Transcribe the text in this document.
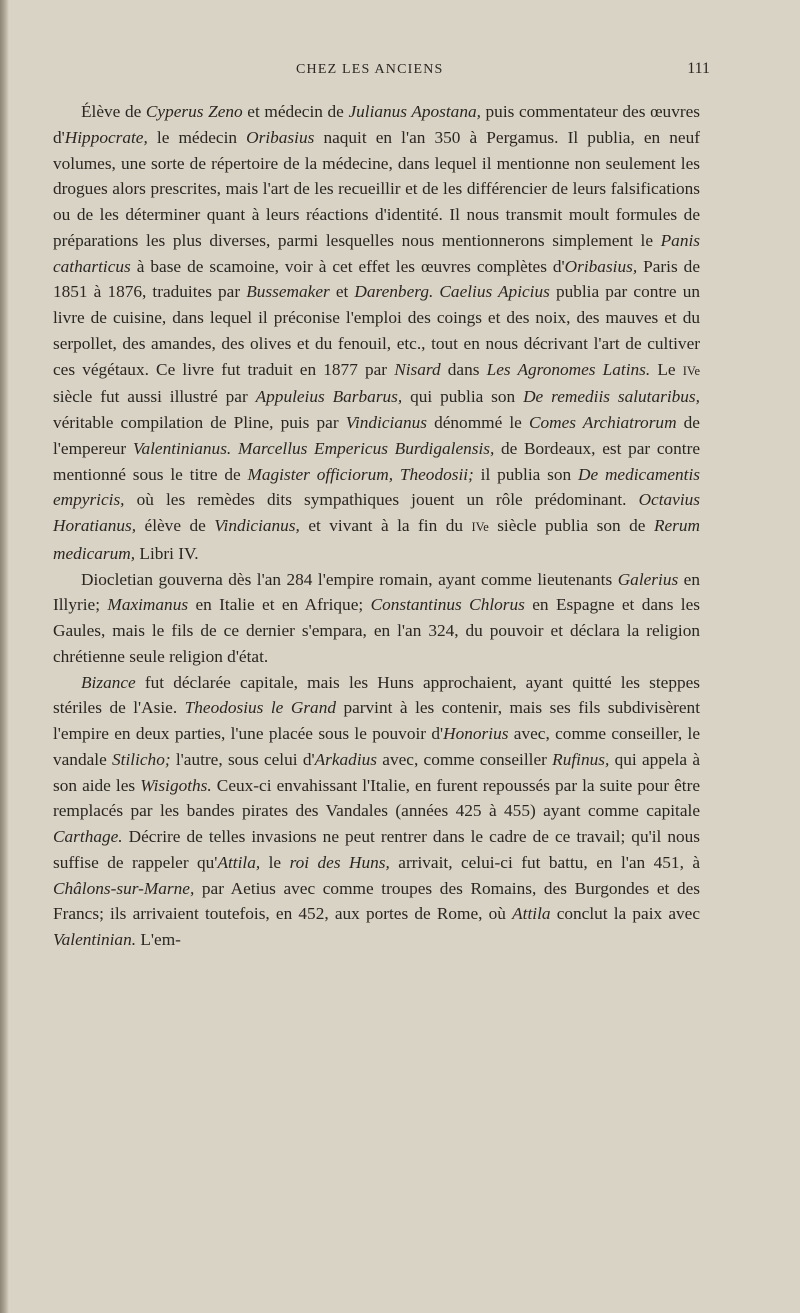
CHEZ LES ANCIENS	111

Élève de Cyperus Zeno et médecin de Julianus Apostana, puis commentateur des œuvres d'Hippocrate, le médecin Oribasius naquit en l'an 350 à Pergamus. Il publia, en neuf volumes, une sorte de répertoire de la médecine, dans lequel il mentionne non seulement les drogues alors prescrites, mais l'art de les recueillir et de les différencier de leurs falsifications ou de les déterminer quant à leurs réactions d'identité. Il nous transmit moult formules de préparations les plus diverses, parmi lesquelles nous mentionnerons simplement le Panis catharticus à base de scamoine, voir à cet effet les œuvres complètes d'Oribasius, Paris de 1851 à 1876, traduites par Bussemaker et Darenberg. Caelius Apicius publia par contre un livre de cuisine, dans lequel il préconise l'emploi des coings et des noix, des mauves et du serpollet, des amandes, des olives et du fenouil, etc., tout en nous décrivant l'art de cultiver ces végétaux. Ce livre fut traduit en 1877 par Nisard dans Les Agronomes Latins. Le IVe siècle fut aussi illustré par Appuleius Barbarus, qui publia son De remediis salutaribus, véritable compilation de Pline, puis par Vindicianus dénommé le Comes Archiatrorum de l'empereur Valentinianus. Marcellus Empericus Burdigalensis, de Bordeaux, est par contre mentionné sous le titre de Magister officiorum, Theodosii; il publia son De medicamentis empyricis, où les remèdes dits sympathiques jouent un rôle prédominant. Octavius Horatianus, élève de Vindicianus, et vivant à la fin du IVe siècle publia son de Rerum medicarum, Libri IV.

Diocletian gouverna dès l'an 284 l'empire romain, ayant comme lieutenants Galerius en Illyrie; Maximanus en Italie et en Afrique; Constantinus Chlorus en Espagne et dans les Gaules, mais le fils de ce dernier s'empara, en l'an 324, du pouvoir et déclara la religion chrétienne seule religion d'état.

Bizance fut déclarée capitale, mais les Huns approchaient, ayant quitté les steppes stériles de l'Asie. Theodosius le Grand parvint à les contenir, mais ses fils subdivisèrent l'empire en deux parties, l'une placée sous le pouvoir d'Honorius avec, comme conseiller, le vandale Stilicho; l'autre, sous celui d'Arkadius avec, comme conseiller Rufinus, qui appela à son aide les Wisigoths. Ceux-ci envahissant l'Italie, en furent repoussés par la suite pour être remplacés par les bandes pirates des Vandales (années 425 à 455) ayant comme capitale Carthage. Décrire de telles invasions ne peut rentrer dans le cadre de ce travail; qu'il nous suffise de rappeler qu'Attila, le roi des Huns, arrivait, celui-ci fut battu, en l'an 451, à Châlons-sur-Marne, par Aetius avec comme troupes des Romains, des Burgondes et des Francs; ils arrivaient toutefois, en 452, aux portes de Rome, où Attila conclut la paix avec Valentinian. L'em-
